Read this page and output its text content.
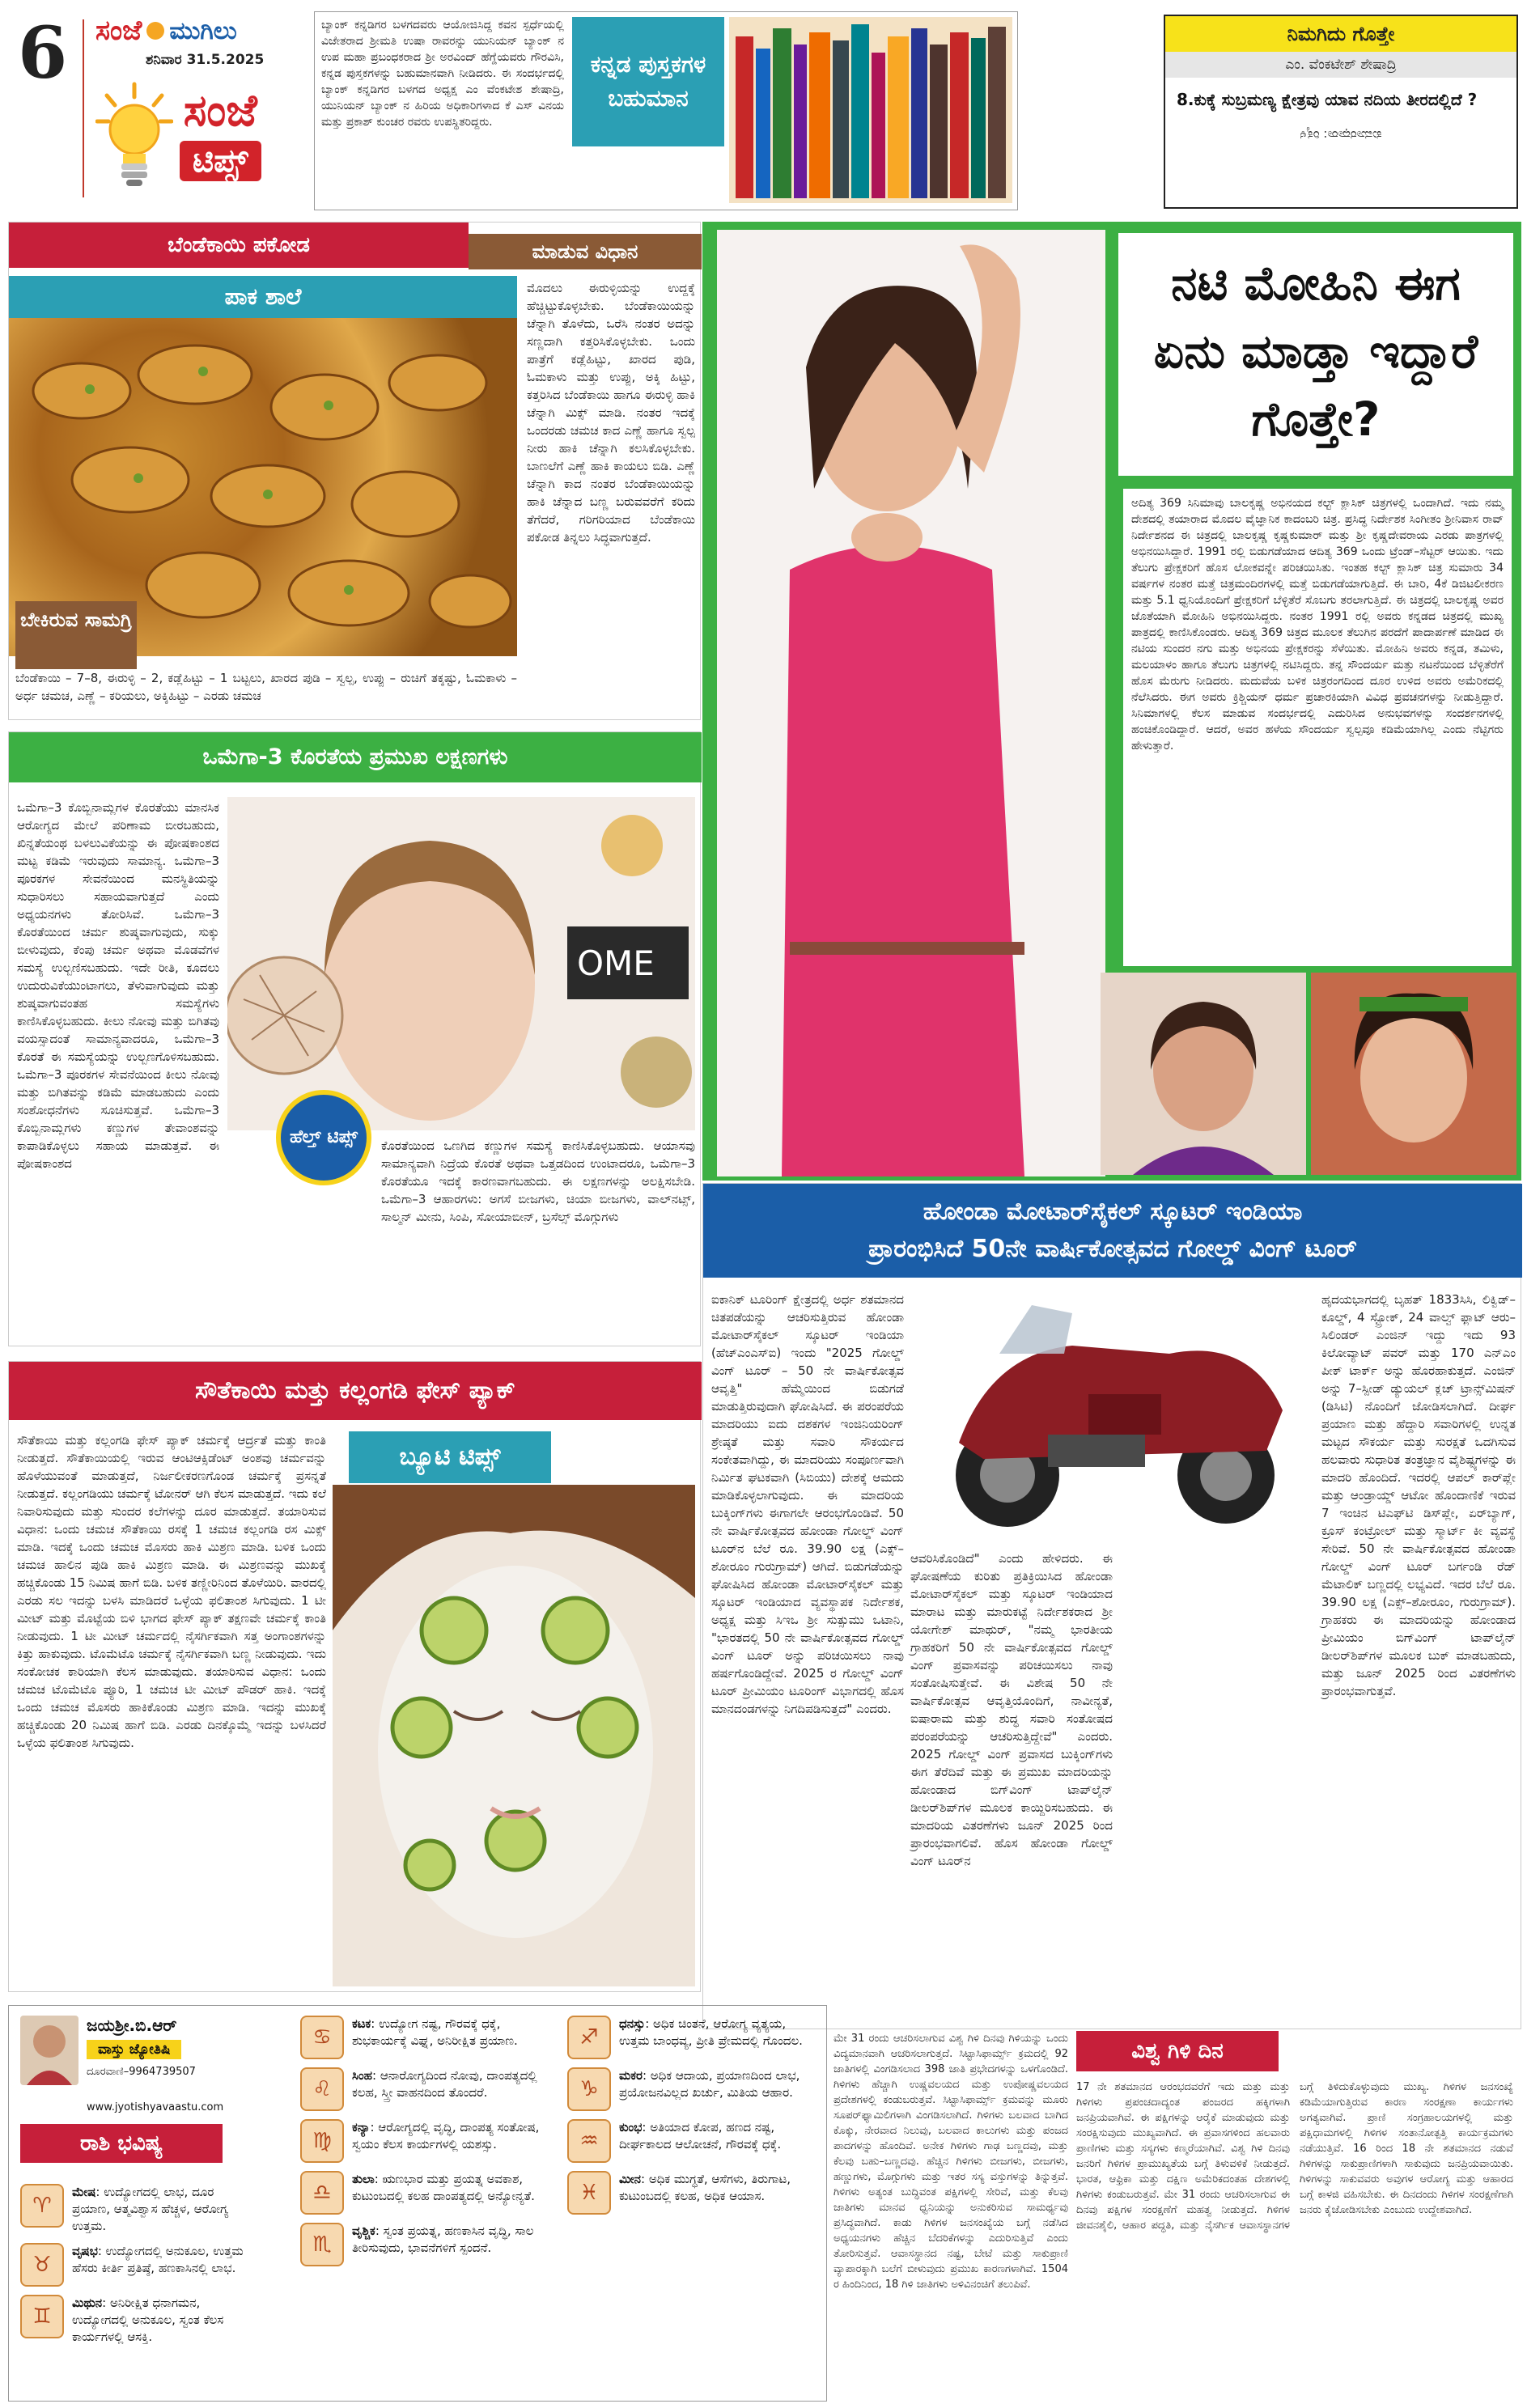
6 ಸಂಜೆ ಮುಗಿಲು
ಶನಿವಾರ 31.5.2025
ಸಂಜೆ
ಟಿಪ್ಸ್
ಬ್ಯಾಂಕ್ ಕನ್ನಡಿಗರ ಬಳಗದವರು ಆಯೋಜಿಸಿದ್ದ ಕವನ ಸ್ಪರ್ಧೆಯಲ್ಲಿ ವಿಜೇತರಾದ ಶ್ರೀಮತಿ ಉಷಾ ರಾವರನ್ನು ಯುನಿಯನ್ ಬ್ಯಾಂಕ್ ನ ಉಪ ಮಹಾ ಪ್ರಬಂಧಕರಾದ ಶ್ರೀ ಅರವಿಂದ್ ಹೆಗ್ಡೆಯವರು ಗೌರವಿಸಿ, ಕನ್ನಡ ಪುಸ್ತಕಗಳನ್ನು ಬಹುಮಾನವಾಗಿ ನೀಡಿದರು. ಈ ಸಂದರ್ಭದಲ್ಲಿ ಬ್ಯಾಂಕ್ ಕನ್ನಡಿಗರ ಬಳಗದ ಅಧ್ಯಕ್ಷ ಎಂ ವೆಂಕಟೇಶ ಶೇಷಾದ್ರಿ, ಯುನಿಯನ್ ಬ್ಯಾಂಕ್ ನ ಹಿರಿಯ ಅಧಿಕಾರಿಗಳಾದ ಕೆ ಎಸ್ ವಿನಯ ಮತ್ತು ಪ್ರಕಾಶ್ ಕುಂಚರ ರವರು ಉಪಸ್ಥಿತರಿದ್ದರು.
ಕನ್ನಡ ಪುಸ್ತಕಗಳ ಬಹುಮಾನ
ನಿಮಗಿದು ಗೊತ್ತೇ
ಎಂ. ವೆಂಕಟೇಶ್ ಶೇಷಾದ್ರಿ
8.ಕುಕ್ಕೆ ಸುಬ್ರಮಣ್ಯ ಕ್ಷೇತ್ರವು ಯಾವ ನದಿಯ ತೀರದಲ್ಲಿದೆ ?
ಕುಮಾರಧಾರಾ: ರಿಕ್ಕಳ
ಬೆಂಡೆಕಾಯಿ ಪಕೋಡ	ಮಾಡುವ ವಿಧಾನ
ಪಾಕ ಶಾಲೆ
ಬೇಕಿರುವ ಸಾಮಗ್ರಿ
ಮೊದಲು ಈರುಳ್ಳಿಯನ್ನು ಉದ್ದಕ್ಕೆ ಹೆಚ್ಚಿಟ್ಟುಕೊಳ್ಳಬೇಕು. ಬೆಂಡೆಕಾಯಿಯನ್ನು ಚೆನ್ನಾಗಿ ತೊಳೆದು, ಒರೆಸಿ ನಂತರ ಅದನ್ನು ಸಣ್ಣದಾಗಿ ಕತ್ತರಿಸಿಕೊಳ್ಳಬೇಕು. ಒಂದು ಪಾತ್ರೆಗೆ ಕಡ್ಲೆಹಿಟ್ಟು, ಖಾರದ ಪುಡಿ, ಓಮಕಾಳು ಮತ್ತು ಉಪ್ಪು, ಅಕ್ಕಿ ಹಿಟ್ಟು, ಕತ್ತರಿಸಿದ ಬೆಂಡೆಕಾಯಿ ಹಾಗೂ ಈರುಳ್ಳಿ ಹಾಕಿ ಚೆನ್ನಾಗಿ ಮಿಕ್ಸ್ ಮಾಡಿ. ನಂತರ ಇದಕ್ಕೆ ಒಂದರಡು ಚಮಚ ಕಾದ ಎಣ್ಣೆ ಹಾಗೂ ಸ್ವಲ್ಪ ನೀರು ಹಾಕಿ ಚೆನ್ನಾಗಿ ಕಲಸಿಕೊಳ್ಳಬೇಕು. ಬಾಣಲೆಗೆ ಎಣ್ಣೆ ಹಾಕಿ ಕಾಯಲು ಬಿಡಿ. ಎಣ್ಣೆ ಚೆನ್ನಾಗಿ ಕಾದ ನಂತರ ಬೆಂಡೆಕಾಯಿಯನ್ನು ಹಾಕಿ ಚೆನ್ನಾದ ಬಣ್ಣ ಬರುವವರೆಗೆ ಕರಿದು ತೆಗೆದರೆ, ಗರಿಗರಿಯಾದ ಬೆಂಡೆಕಾಯಿ ಪಕೋಡ ತಿನ್ನಲು ಸಿದ್ಧವಾಗುತ್ತದೆ.
ಬೆಂಡೆಕಾಯಿ – 7–8, ಈರುಳ್ಳಿ – 2, ಕಡ್ಲೆಹಿಟ್ಟು – 1 ಬಟ್ಟಲು, ಖಾರದ ಪುಡಿ – ಸ್ವಲ್ಪ, ಉಪ್ಪು – ರುಚಿಗೆ ತಕ್ಕಷ್ಟು, ಓಮಕಾಳು – ಅರ್ಧ ಚಮಚ, ಎಣ್ಣೆ – ಕರಿಯಲು, ಅಕ್ಕಿಹಿಟ್ಟು – ಎರಡು ಚಮಚ
ನಟಿ ಮೋಹಿನಿ ಈಗ ಏನು ಮಾಡ್ತಾ ಇದ್ದಾರೆ ಗೊತ್ತೇ?
ಅದಿತ್ಯ 369 ಸಿನಿಮಾವು ಬಾಲಕೃಷ್ಣ ಅಭಿನಯದ ಕಲ್ಟ್ ಕ್ಲಾಸಿಕ್ ಚಿತ್ರಗಳಲ್ಲಿ ಒಂದಾಗಿದೆ. ಇದು ನಮ್ಮ ದೇಶದಲ್ಲಿ ತಯಾರಾದ ಮೊದಲ ವೈಜ್ಞಾನಿಕ ಕಾದಂಬರಿ ಚಿತ್ರ. ಪ್ರಸಿದ್ಧ ನಿರ್ದೇಶಕ ಸಿಂಗೀತಂ ಶ್ರೀನಿವಾಸ ರಾವ್ ನಿರ್ದೇಶನದ ಈ ಚಿತ್ರದಲ್ಲಿ ಬಾಲಕೃಷ್ಣ ಕೃಷ್ಣಕುಮಾರ್ ಮತ್ತು ಶ್ರೀ ಕೃಷ್ಣದೇವರಾಯ ಎರಡು ಪಾತ್ರಗಳಲ್ಲಿ ಅಭಿನಯಿಸಿದ್ದಾರೆ. 1991 ರಲ್ಲಿ ಬಿಡುಗಡೆಯಾದ ಆದಿತ್ಯ 369 ಒಂದು ಟ್ರೆಂಡ್–ಸೆಟ್ಟರ್ ಆಯಿತು. ಇದು ತೆಲುಗು ಪ್ರೇಕ್ಷಕರಿಗೆ ಹೊಸ ಲೋಕವನ್ನೇ ಪರಿಚಯಿಸಿತು. ಇಂತಹ ಕಲ್ಟ್ ಕ್ಲಾಸಿಕ್ ಚಿತ್ರ ಸುಮಾರು 34 ವರ್ಷಗಳ ನಂತರ ಮತ್ತೆ ಚಿತ್ರಮಂದಿರಗಳಲ್ಲಿ ಮತ್ತೆ ಬಿಡುಗಡೆಯಾಗುತ್ತಿದೆ. ಈ ಬಾರಿ, 4ಕೆ ಡಿಜಿಟಲೀಕರಣ ಮತ್ತು 5.1 ಧ್ವನಿಯೊಂದಿಗೆ ಪ್ರೇಕ್ಷಕರಿಗೆ ಬೆಳ್ಳಿತೆರೆ ಸೊಬಗು ತರಲಾಗುತ್ತಿದೆ. ಈ ಚಿತ್ರದಲ್ಲಿ ಬಾಲಕೃಷ್ಣ ಅವರ ಜೊತೆಯಾಗಿ ಮೋಹಿನಿ ಅಭಿನಯಿಸಿದ್ದರು. ನಂತರ 1991 ರಲ್ಲಿ ಅವರು ಕನ್ನಡದ ಚಿತ್ರದಲ್ಲಿ ಮುಖ್ಯ ಪಾತ್ರದಲ್ಲಿ ಕಾಣಿಸಿಕೊಂಡರು. ಆದಿತ್ಯ 369 ಚಿತ್ರದ ಮೂಲಕ ತೆಲುಗಿನ ಪರದೆಗೆ ಪಾದಾರ್ಪಣೆ ಮಾಡಿದ ಈ ನಟಿಯ ಸುಂದರ ನಗು ಮತ್ತು ಅಭಿನಯ ಪ್ರೇಕ್ಷಕರನ್ನು ಸೆಳೆಯಿತು. ಮೋಹಿನಿ ಅವರು ಕನ್ನಡ, ತಮಿಳು, ಮಲಯಾಳಂ ಹಾಗೂ ತೆಲುಗು ಚಿತ್ರಗಳಲ್ಲಿ ನಟಿಸಿದ್ದರು. ತನ್ನ ಸೌಂದರ್ಯ ಮತ್ತು ನಟನೆಯಿಂದ ಬೆಳ್ಳಿತೆರೆಗೆ ಹೊಸ ಮೆರುಗು ನೀಡಿದರು. ಮದುವೆಯ ಬಳಿಕ ಚಿತ್ರರಂಗದಿಂದ ದೂರ ಉಳಿದ ಅವರು ಅಮೆರಿಕದಲ್ಲಿ ನೆಲೆಸಿದರು. ಈಗ ಅವರು ಕ್ರಿಶ್ಚಿಯನ್ ಧರ್ಮ ಪ್ರಚಾರಕಿಯಾಗಿ ವಿವಿಧ ಪ್ರವಚನಗಳನ್ನು ನೀಡುತ್ತಿದ್ದಾರೆ. ಸಿನಿಮಾಗಳಲ್ಲಿ ಕೆಲಸ ಮಾಡುವ ಸಂದರ್ಭದಲ್ಲಿ ಎದುರಿಸಿದ ಅನುಭವಗಳನ್ನು ಸಂದರ್ಶನಗಳಲ್ಲಿ ಹಂಚಿಕೊಂಡಿದ್ದಾರೆ. ಆದರೆ, ಅವರ ಹಳೆಯ ಸೌಂದರ್ಯ ಸ್ವಲ್ಪವೂ ಕಡಿಮೆಯಾಗಿಲ್ಲ ಎಂದು ನೆಟ್ಟಿಗರು ಹೇಳುತ್ತಾರೆ.
ಒಮೆಗಾ-3 ಕೊರತೆಯ ಪ್ರಮುಖ ಲಕ್ಷಣಗಳು
ಒಮೆಗಾ–3 ಕೊಬ್ಬಿನಾಮ್ಲಗಳ ಕೊರತೆಯು ಮಾನಸಿಕ ಆರೋಗ್ಯದ ಮೇಲೆ ಪರಿಣಾಮ ಬೀರಬಹುದು, ಖಿನ್ನತೆಯಂಥ ಬಳಲುವಿಕೆಯನ್ನು ಈ ಪೋಷಕಾಂಶದ ಮಟ್ಟ ಕಡಿಮೆ ಇರುವುದು ಸಾಮಾನ್ಯ. ಒಮೆಗಾ–3 ಪೂರಕಗಳ ಸೇವನೆಯಿಂದ ಮನಸ್ಥಿತಿಯನ್ನು ಸುಧಾರಿಸಲು ಸಹಾಯವಾಗುತ್ತದೆ ಎಂದು ಅಧ್ಯಯನಗಳು ತೋರಿಸಿವೆ. ಒಮೆಗಾ–3 ಕೊರತೆಯಿಂದ ಚರ್ಮ ಶುಷ್ಕವಾಗುವುದು, ಸುಕ್ಕು ಬೀಳುವುದು, ಕೆಂಪು ಚರ್ಮ ಅಥವಾ ಮೊಡವೆಗಳ ಸಮಸ್ಯೆ ಉಲ್ಬಣಿಸಬಹುದು. ಇದೇ ರೀತಿ, ಕೂದಲು ಉದುರುವಿಕೆಯುಂಟಾಗಲು, ತೆಳುವಾಗುವುದು ಮತ್ತು ಶುಷ್ಕವಾಗುವಂತಹ ಸಮಸ್ಯೆಗಳು ಕಾಣಿಸಿಕೊಳ್ಳಬಹುದು. ಕೀಲು ನೋವು ಮತ್ತು ಬಿಗಿತವು ವಯಸ್ಸಾದಂತೆ ಸಾಮಾನ್ಯವಾದರೂ, ಒಮೆಗಾ–3 ಕೊರತೆ ಈ ಸಮಸ್ಯೆಯನ್ನು ಉಲ್ಬಣಗೊಳಿಸಬಹುದು. ಒಮೆಗಾ–3 ಪೂರಕಗಳ ಸೇವನೆಯಿಂದ ಕೀಲು ನೋವು ಮತ್ತು ಬಿಗಿತವನ್ನು ಕಡಿಮೆ ಮಾಡಬಹುದು ಎಂದು ಸಂಶೋಧನೆಗಳು ಸೂಚಿಸುತ್ತವೆ. ಒಮೆಗಾ–3 ಕೊಬ್ಬಿನಾಮ್ಲಗಳು ಕಣ್ಣುಗಳ ತೇವಾಂಶವನ್ನು ಕಾಪಾಡಿಕೊಳ್ಳಲು ಸಹಾಯ ಮಾಡುತ್ತವೆ. ಈ ಪೋಷಕಾಂಶದ
OME
ಹೆಲ್ತ್ ಟಿಪ್ಸ್ ಕೊರತೆಯಿಂದ ಒಣಗಿದ ಕಣ್ಣುಗಳ ಸಮಸ್ಯೆ ಕಾಣಿಸಿಕೊಳ್ಳಬಹುದು. ಆಯಾಸವು ಸಾಮಾನ್ಯವಾಗಿ ನಿದ್ರೆಯ ಕೊರತೆ ಅಥವಾ ಒತ್ತಡದಿಂದ ಉಂಟಾದರೂ, ಒಮೆಗಾ–3 ಕೊರತೆಯೂ ಇದಕ್ಕೆ ಕಾರಣವಾಗಬಹುದು. ಈ ಲಕ್ಷಣಗಳನ್ನು ಅಲಕ್ಷಿಸಬೇಡಿ. ಒಮೆಗಾ–3 ಆಹಾರಗಳು: ಅಗಸೆ ಬೀಜಗಳು, ಚಿಯಾ ಬೀಜಗಳು, ವಾಲ್‌ನಟ್ಸ್, ಸಾಲ್ಮನ್ ಮೀನು, ಸಿಂಪಿ, ಸೋಯಾಬೀನ್, ಬ್ರಸೆಲ್ಸ್ ಮೊಗ್ಗುಗಳು	ಹೋಂಡಾ ಮೋಟಾರ್‌ಸೈಕಲ್ ಸ್ಕೂಟರ್ ಇಂಡಿಯಾ
ಪ್ರಾರಂಭಿಸಿದೆ 50ನೇ ವಾರ್ಷಿಕೋತ್ಸವದ ಗೋಲ್ಡ್ ವಿಂಗ್ ಟೂರ್
ಐಕಾನಿಕ್ ಟೂರಿಂಗ್ ಕ್ಷೇತ್ರದಲ್ಲಿ ಅರ್ಧ ಶತಮಾನದ ಚಿತಪಡೆಯನ್ನು ಆಚರಿಸುತ್ತಿರುವ ಹೋಂಡಾ ಮೋಟಾರ್‌ಸೈಕಲ್ ಸ್ಕೂಟರ್ ಇಂಡಿಯಾ (ಹೆಚ್‌ಎಂಎಸ್‌ಐ) ಇಂದು "2025 ಗೋಲ್ಡ್ ವಿಂಗ್ ಟೂರ್ – 50 ನೇ ವಾರ್ಷಿಕೋತ್ಸವ ಆವೃತ್ತಿ" ಹೆಮ್ಮೆಯಿಂದ ಬಿಡುಗಡೆ ಮಾಡುತ್ತಿರುವುದಾಗಿ ಘೋಷಿಸಿದೆ. ಈ ಪರಂಪರೆಯ ಮಾದರಿಯು ಐದು ದಶಕಗಳ ಇಂಜಿನಿಯರಿಂಗ್ ಶ್ರೇಷ್ಠತೆ ಮತ್ತು ಸವಾರಿ ಸೌಕರ್ಯದ ಸಂಕೇತವಾಗಿದ್ದು, ಈ ಮಾದರಿಯು ಸಂಪೂರ್ಣವಾಗಿ ನಿರ್ಮಿತ ಘಟಕವಾಗಿ (ಸಿಬಿಯು) ದೇಶಕ್ಕೆ ಆಮದು ಮಾಡಿಕೊಳ್ಳಲಾಗುವುದು. ಈ ಮಾದರಿಯ ಬುಕ್ಕಿಂಗ್‌ಗಳು ಈಗಾಗಲೇ ಆರಂಭಗೊಂಡಿವೆ. 50 ನೇ ವಾರ್ಷಿಕೋತ್ಸವದ ಹೋಂಡಾ ಗೋಲ್ಡ್ ವಿಂಗ್ ಟೂರ್‌ನ ಬೆಲೆ ರೂ. 39.90 ಲಕ್ಷ (ಎಕ್ಸ್–ಶೋರೂಂ ಗುರುಗ್ರಾಮ್) ಆಗಿದೆ. ಬಿಡುಗಡೆಯನ್ನು ಘೋಷಿಸಿದ ಹೋಂಡಾ ಮೋಟಾರ್‌ಸೈಕಲ್ ಮತ್ತು ಸ್ಕೂಟರ್ ಇಂಡಿಯಾದ ವ್ಯವಸ್ಥಾಪಕ ನಿರ್ದೇಶಕ, ಅಧ್ಯಕ್ಷ ಮತ್ತು ಸಿಇಒ ಶ್ರೀ ಸುತ್ಸುಮು ಒಟಾನಿ, "ಭಾರತದಲ್ಲಿ 50 ನೇ ವಾರ್ಷಿಕೋತ್ಸವದ ಗೋಲ್ಡ್ ವಿಂಗ್ ಟೂರ್ ಅನ್ನು ಪರಿಚಯಿಸಲು ನಾವು ಹರ್ಷಗೊಂಡಿದ್ದೇವೆ. 2025 ರ ಗೋಲ್ಡ್ ವಿಂಗ್ ಟೂರ್ ಪ್ರೀಮಿಯಂ ಟೂರಿಂಗ್ ವಿಭಾಗದಲ್ಲಿ ಹೊಸ ಮಾನದಂಡಗಳನ್ನು ನಿಗದಿಪಡಿಸುತ್ತದೆ" ಎಂದರು.
ಆವರಿಸಿಕೊಂಡಿದೆ" ಎಂದು ಹೇಳಿದರು. ಈ ಘೋಷಣೆಯ ಕುರಿತು ಪ್ರತಿಕ್ರಿಯಿಸಿದ ಹೋಂಡಾ ಮೋಟಾರ್‌ಸೈಕಲ್ ಮತ್ತು ಸ್ಕೂಟರ್ ಇಂಡಿಯಾದ ಮಾರಾಟ ಮತ್ತು ಮಾರುಕಟ್ಟೆ ನಿರ್ದೇಶಕರಾದ ಶ್ರೀ ಯೋಗೇಶ್ ಮಾಥುರ್, "ನಮ್ಮ ಭಾರತೀಯ ಗ್ರಾಹಕರಿಗೆ 50 ನೇ ವಾರ್ಷಿಕೋತ್ಸವದ ಗೋಲ್ಡ್ ವಿಂಗ್ ಪ್ರವಾಸವನ್ನು ಪರಿಚಯಿಸಲು ನಾವು ಸಂತೋಷಿಸುತ್ತೇವೆ. ಈ ವಿಶೇಷ 50 ನೇ ವಾರ್ಷಿಕೋತ್ಸವ ಆವೃತ್ತಿಯೊಂದಿಗೆ, ನಾವೀನ್ಯತೆ, ಐಷಾರಾಮ ಮತ್ತು ಶುದ್ಧ ಸವಾರಿ ಸಂತೋಷದ ಪರಂಪರೆಯನ್ನು ಆಚರಿಸುತ್ತಿದ್ದೇವೆ" ಎಂದರು. 2025 ಗೋಲ್ಡ್ ವಿಂಗ್ ಪ್ರವಾಸದ ಬುಕ್ಕಿಂಗ್‌ಗಳು ಈಗ ತೆರೆದಿವೆ ಮತ್ತು ಈ ಪ್ರಮುಖ ಮಾದರಿಯನ್ನು ಹೋಂಡಾದ ಬಿಗ್‌ವಿಂಗ್ ಟಾಪ್‌ಲೈನ್ ಡೀಲರ್‌ಶಿಪ್‌ಗಳ ಮೂಲಕ ಕಾಯ್ದಿರಿಸಬಹುದು. ಈ ಮಾದರಿಯ ವಿತರಣೆಗಳು ಜೂನ್ 2025 ರಿಂದ ಪ್ರಾರಂಭವಾಗಲಿವೆ. ಹೊಸ ಹೋಂಡಾ ಗೋಲ್ಡ್ ವಿಂಗ್ ಟೂರ್‌ನ
ಹೃದಯಭಾಗದಲ್ಲಿ ಬೃಹತ್ 1833ಸಿಸಿ, ಲಿಕ್ವಿಡ್–ಕೂಲ್ಡ್, 4 ಸ್ಟ್ರೋಕ್, 24 ವಾಲ್ವ್ ಫ್ಲಾಟ್ ಆರು–ಸಿಲಿಂಡರ್ ಎಂಜಿನ್ ಇದ್ದು ಇದು 93 ಕಿಲೋವ್ಯಾಟ್ ಪವರ್ ಮತ್ತು 170 ಎನ್ಎಂ ಪೀಕ್ ಟಾರ್ಕ್ ಅನ್ನು ಹೊರಹಾಕುತ್ತದೆ. ಎಂಜಿನ್ ಅನ್ನು 7–ಸ್ಪೀಡ್ ಡ್ಯುಯಲ್ ಕ್ಲಚ್ ಟ್ರಾನ್ಸ್‌ಮಿಷನ್ (ಡಿಸಿಟಿ) ನೊಂದಿಗೆ ಜೋಡಿಸಲಾಗಿದೆ. ದೀರ್ಘ ಪ್ರಯಾಣ ಮತ್ತು ಹೆದ್ದಾರಿ ಸವಾರಿಗಳಲ್ಲಿ ಉನ್ನತ ಮಟ್ಟದ ಸೌಕರ್ಯ ಮತ್ತು ಸುರಕ್ಷತೆ ಒದಗಿಸುವ ಹಲವಾರು ಸುಧಾರಿತ ತಂತ್ರಜ್ಞಾನ ವೈಶಿಷ್ಟ್ಯಗಳನ್ನು ಈ ಮಾದರಿ ಹೊಂದಿದೆ. ಇದರಲ್ಲಿ ಆಪಲ್ ಕಾರ್‌ಪ್ಲೇ ಮತ್ತು ಆಂಡ್ರಾಯ್ಡ್ ಆಟೋ ಹೊಂದಾಣಿಕೆ ಇರುವ 7 ಇಂಚಿನ ಟಿಎಫ್‌ಟಿ ಡಿಸ್‌ಪ್ಲೇ, ಏರ್‌ಬ್ಯಾಗ್, ಕ್ರೂಸ್ ಕಂಟ್ರೋಲ್ ಮತ್ತು ಸ್ಮಾರ್ಟ್ ಕೀ ವ್ಯವಸ್ಥೆ ಸೇರಿವೆ. 50 ನೇ ವಾರ್ಷಿಕೋತ್ಸವದ ಹೋಂಡಾ ಗೋಲ್ಡ್ ವಿಂಗ್ ಟೂರ್ ಬರ್ಗಂಡಿ ರೆಡ್ ಮೆಟಾಲಿಕ್ ಬಣ್ಣದಲ್ಲಿ ಲಭ್ಯವಿದೆ. ಇದರ ಬೆಲೆ ರೂ. 39.90 ಲಕ್ಷ (ಎಕ್ಸ್–ಶೋರೂಂ, ಗುರುಗ್ರಾಮ್). ಗ್ರಾಹಕರು ಈ ಮಾದರಿಯನ್ನು ಹೋಂಡಾದ ಪ್ರೀಮಿಯಂ ಬಿಗ್‌ವಿಂಗ್ ಟಾಪ್‌ಲೈನ್ ಡೀಲರ್‌ಶಿಪ್‌ಗಳ ಮೂಲಕ ಬುಕ್ ಮಾಡಬಹುದು, ಮತ್ತು ಜೂನ್ 2025 ರಿಂದ ವಿತರಣೆಗಳು ಪ್ರಾರಂಭವಾಗುತ್ತವೆ.
ಸೌತೆಕಾಯಿ ಮತ್ತು ಕಲ್ಲಂಗಡಿ ಫೇಸ್ ಪ್ಯಾಕ್
ಸೌತೆಕಾಯಿ ಮತ್ತು ಕಲ್ಲಂಗಡಿ ಫೇಸ್ ಪ್ಯಾಕ್ ಚರ್ಮಕ್ಕೆ ಆರ್ದ್ರತೆ ಮತ್ತು ಕಾಂತಿ ನೀಡುತ್ತದೆ. ಸೌತೆಕಾಯಿಯಲ್ಲಿ ಇರುವ ಆಂಟಿಆಕ್ಸಿಡೆಂಟ್ ಅಂಶವು ಚರ್ಮವನ್ನು ಹೊಳೆಯುವಂತೆ ಮಾಡುತ್ತದೆ, ನಿರ್ಜಲೀಕರಣಗೊಂಡ ಚರ್ಮಕ್ಕೆ ಪ್ರಸನ್ನತೆ ನೀಡುತ್ತದೆ. ಕಲ್ಲಂಗಡಿಯು ಚರ್ಮಕ್ಕೆ ಟೋನರ್ ಆಗಿ ಕೆಲಸ ಮಾಡುತ್ತದೆ. ಇದು ಕಲೆ ನಿವಾರಿಸುವುದು ಮತ್ತು ಸುಂದರ ಕಲೆಗಳನ್ನು ದೂರ ಮಾಡುತ್ತದೆ. ತಯಾರಿಸುವ ವಿಧಾನ: ಒಂದು ಚಮಚ ಸೌತೆಕಾಯಿ ರಸಕ್ಕೆ 1 ಚಮಚ ಕಲ್ಲಂಗಡಿ ರಸ ಮಿಕ್ಸ್ ಮಾಡಿ. ಇದಕ್ಕೆ ಒಂದು ಚಮಚ ಮೊಸರು ಹಾಕಿ ಮಿಶ್ರಣ ಮಾಡಿ. ಬಳಿಕ ಒಂದು ಚಮಚ ಹಾಲಿನ ಪುಡಿ ಹಾಕಿ ಮಿಶ್ರಣ ಮಾಡಿ. ಈ ಮಿಶ್ರಣವನ್ನು ಮುಖಕ್ಕೆ ಹಚ್ಚಿಕೊಂಡು 15 ನಿಮಿಷ ಹಾಗೆ ಬಿಡಿ. ಬಳಿಕ ತಣ್ಣೀರಿನಿಂದ ತೊಳೆಯಿರಿ. ವಾರದಲ್ಲಿ ಎರಡು ಸಲ ಇದನ್ನು ಬಳಸಿ ಮಾಡಿದರೆ ಒಳ್ಳೆಯ ಫಲಿತಾಂಶ ಸಿಗುವುದು. 1 ಟೀ ಮೀಟ್ ಮತ್ತು ಮೊಟ್ಟೆಯ ಬಿಳಿ ಭಾಗದ ಫೇಸ್ ಪ್ಯಾಕ್ ತಕ್ಷಣವೇ ಚರ್ಮಕ್ಕೆ ಕಾಂತಿ ನೀಡುವುದು. 1 ಟೀ ಮೀಟ್ ಚರ್ಮದಲ್ಲಿ ನೈಸರ್ಗಿಕವಾಗಿ ಸತ್ತ ಅಂಗಾಂಶಗಳನ್ನು ಕಿತ್ತು ಹಾಕುವುದು. ಟೊಮೆಟೊ ಚರ್ಮಕ್ಕೆ ನೈಸರ್ಗಿಕವಾಗಿ ಬಣ್ಣ ನೀಡುವುದು. ಇದು ಸಂಕೋಚಕ ಕಾರಿಯಾಗಿ ಕೆಲಸ ಮಾಡುವುದು. ತಯಾರಿಸುವ ವಿಧಾನ: ಒಂದು ಚಮಚ ಟೊಮೆಟೊ ಪ್ಯೂರಿ, 1 ಚಮಚ ಟೀ ಮೀಟ್ ಪೌಡರ್ ಹಾಕಿ. ಇದಕ್ಕೆ ಒಂದು ಚಮಚ ಮೊಸರು ಹಾಕಿಕೊಂಡು ಮಿಶ್ರಣ ಮಾಡಿ. ಇದನ್ನು ಮುಖಕ್ಕೆ ಹಚ್ಚಿಕೊಂಡು 20 ನಿಮಿಷ ಹಾಗೆ ಬಿಡಿ. ಎರಡು ದಿನಕ್ಕೊಮ್ಮೆ ಇದನ್ನು ಬಳಸಿದರೆ ಒಳ್ಳೆಯ ಫಲಿತಾಂಶ ಸಿಗುವುದು.
ಬ್ಯೂಟಿ ಟಿಪ್ಸ್
ಜಯಶ್ರೀ.ಬಿ.ಆರ್
ವಾಸ್ತು ಜ್ಯೋತಿಷಿ
ದೂರವಾಣಿ–9964739507
www.jyotishyavaastu.com
ರಾಶಿ ಭವಿಷ್ಯ
♈
ಮೇಷ: ಉದ್ಯೋಗದಲ್ಲಿ ಲಾಭ, ದೂರ ಪ್ರಯಾಣ, ಆತ್ಮವಿಶ್ವಾಸ ಹೆಚ್ಚಳ, ಆರೋಗ್ಯ ಉತ್ತಮ.
♉
ವೃಷಭ: ಉದ್ಯೋಗದಲ್ಲಿ ಅನುಕೂಲ, ಉತ್ತಮ ಹೆಸರು ಕೀರ್ತಿ ಪ್ರತಿಷ್ಠೆ, ಹಣಕಾಸಿನಲ್ಲಿ ಲಾಭ.
♊
ಮಿಥುನ: ಅನಿರೀಕ್ಷಿತ ಧನಾಗಮನ, ಉದ್ಯೋಗದಲ್ಲಿ ಅನುಕೂಲ, ಸ್ವಂತ ಕೆಲಸ ಕಾರ್ಯಗಳಲ್ಲಿ ಆಸಕ್ತಿ.
♋
ಕಟಕ: ಉದ್ಯೋಗ ನಷ್ಟ, ಗೌರವಕ್ಕೆ ಧಕ್ಕೆ, ಶುಭಕಾರ್ಯಕ್ಕೆ ವಿಘ್ನ, ಅನಿರೀಕ್ಷಿತ ಪ್ರಯಾಣ.
♌
ಸಿಂಹ: ಆನಾರೋಗ್ಯದಿಂದ ನೋವು, ದಾಂಪತ್ಯದಲ್ಲಿ ಕಲಹ, ಸ್ತ್ರೀ ವಾಹನದಿಂದ ತೊಂದರೆ.
♍
ಕನ್ಯಾ: ಆರೋಗ್ಯದಲ್ಲಿ ವೃದ್ಧಿ, ದಾಂಪತ್ಯ ಸಂತೋಷ, ಸ್ವಯಂ ಕೆಲಸ ಕಾರ್ಯಗಳಲ್ಲಿ ಯಶಸ್ಸು.
♎
ತುಲಾ: ಋಣಭಾರ ಮತ್ತು ಪ್ರಯತ್ನ ಅವಕಾಶ, ಕುಟುಂಬದಲ್ಲಿ ಕಲಹ ದಾಂಪತ್ಯದಲ್ಲಿ ಅನ್ಯೋನ್ಯತೆ.
♏
ವೃಶ್ಚಿಕ: ಸ್ವಂತ ಪ್ರಯತ್ನ, ಹಣಕಾಸಿನ ವೃದ್ಧಿ, ಸಾಲ ತೀರಿಸುವುದು, ಭಾವನೆಗಳಿಗೆ ಸ್ಪಂದನೆ.
♐
ಧನಸ್ಸು: ಅಧಿಕ ಚಿಂತನೆ, ಆರೋಗ್ಯ ವ್ಯತ್ಯಯ, ಉತ್ತಮ ಬಾಂಧವ್ಯ, ಪ್ರೀತಿ ಪ್ರೇಮದಲ್ಲಿ ಗೊಂದಲ.
♑
ಮಕರ: ಅಧಿಕ ಆದಾಯ, ಪ್ರಯಾಣದಿಂದ ಲಾಭ, ಪ್ರಯೋಜನವಿಲ್ಲದ ಖರ್ಚು, ಮಿತಿಯ ಆಹಾರ.
♒
ಕುಂಭ: ಅತಿಯಾದ ಕೋಪ, ಹಣದ ನಷ್ಟ, ದೀರ್ಘಕಾಲದ ಆಲೋಚನೆ, ಗೌರವಕ್ಕೆ ಧಕ್ಕೆ.
♓
ಮೀನ: ಅಧಿಕ ಮುಗ್ಧತೆ, ಆಸೆಗಳು, ತಿರುಗಾಟ, ಕುಟುಂಬದಲ್ಲಿ ಕಲಹ, ಅಧಿಕ ಆಯಾಸ.
ವಿಶ್ವ ಗಿಳಿ ದಿನ
ಮೇ 31 ರಂದು ಆಚರಿಸಲಾಗುವ ವಿಶ್ವ ಗಿಳಿ ದಿನವು ಗಿಳಿಯನ್ನು ಒಂದು ವಿದ್ಯಮಾನವಾಗಿ ಆಚರಿಸಲಾಗುತ್ತದೆ. ಸಿಟ್ಟಾಸಿಫಾರ್ಮ್ಸ್ ಕ್ರಮದಲ್ಲಿ 92 ಜಾತಿಗಳಲ್ಲಿ ವಿಂಗಡಿಸಲಾದ 398 ಜಾತಿ ಪ್ರಭೇದಗಳನ್ನು ಒಳಗೊಂಡಿದೆ. ಗಿಳಿಗಳು ಹೆಚ್ಚಾಗಿ ಉಷ್ಣವಲಯದ ಮತ್ತು ಉಪೋಷ್ಣವಲಯದ ಪ್ರದೇಶಗಳಲ್ಲಿ ಕಂಡುಬರುತ್ತವೆ. ಸಿಟ್ಟಾಸಿಫಾರ್ಮ್ಸ್ ಕ್ರಮವನ್ನು ಮೂರು ಸೂಪರ್‌ಫ್ಯಾಮಿಲಿಗಳಾಗಿ ವಿಂಗಡಿಸಲಾಗಿದೆ. ಗಿಳಿಗಳು ಬಲವಾದ ಬಾಗಿದ ಕೊಕ್ಕು, ನೇರವಾದ ನಿಲುವು, ಬಲವಾದ ಕಾಲುಗಳು ಮತ್ತು ಪಂಜದ ಪಾದಗಳನ್ನು ಹೊಂದಿವೆ. ಅನೇಕ ಗಿಳಿಗಳು ಗಾಢ ಬಣ್ಣದವು, ಮತ್ತು ಕೆಲವು ಬಹು–ಬಣ್ಣದವು. ಹೆಚ್ಚಿನ ಗಿಳಿಗಳು ಬೀಜಗಳು, ಬೀಜಗಳು, ಹಣ್ಣುಗಳು, ಮೊಗ್ಗುಗಳು ಮತ್ತು ಇತರ ಸಸ್ಯ ವಸ್ತುಗಳನ್ನು ತಿನ್ನುತ್ತವೆ. ಗಿಳಿಗಳು ಅತ್ಯಂತ ಬುದ್ಧಿವಂತ ಪಕ್ಷಿಗಳಲ್ಲಿ ಸೇರಿವೆ, ಮತ್ತು ಕೆಲವು ಜಾತಿಗಳು ಮಾನವ ಧ್ವನಿಯನ್ನು ಅನುಕರಿಸುವ ಸಾಮರ್ಥ್ಯವು ಪ್ರಸಿದ್ಧವಾಗಿದೆ. ಕಾಡು ಗಿಳಿಗಳ ಜನಸಂಖ್ಯೆಯ ಬಗ್ಗೆ ನಡೆಸಿದ ಅಧ್ಯಯನಗಳು ಹೆಚ್ಚಿನ ಬೆದರಿಕೆಗಳನ್ನು ಎದುರಿಸುತ್ತಿವೆ ಎಂದು ತೋರಿಸುತ್ತವೆ. ಆವಾಸಸ್ಥಾನದ ನಷ್ಟ, ಬೇಟೆ ಮತ್ತು ಸಾಕುಪ್ರಾಣಿ ವ್ಯಾಪಾರಕ್ಕಾಗಿ ಬಲೆಗೆ ಬೀಳುವುದು ಪ್ರಮುಖ ಕಾರಣಗಳಾಗಿವೆ. 1504 ರ ಹಿಂದಿನಿಂದ, 18 ಗಿಳಿ ಜಾತಿಗಳು ಅಳಿವಿನಂಚಿಗೆ ತಲುಪಿವೆ.
17 ನೇ ಶತಮಾನದ ಆರಂಭದವರೆಗೆ ಇದು ಮತ್ತು ಮತ್ತು ಗಿಳಿಗಳು ಪ್ರಪಂಚದಾದ್ಯಂತ ಪಂಜರದ ಹಕ್ಕಿಗಳಾಗಿ ಜನಪ್ರಿಯವಾಗಿವೆ. ಈ ಪಕ್ಷಿಗಳನ್ನು ಆರೈಕೆ ಮಾಡುವುದು ಮತ್ತು ಸಂರಕ್ಷಿಸುವುದು ಮುಖ್ಯವಾಗಿದೆ. ಈ ಪ್ರವಾಸಗಳಿಂದ ಹಲವಾರು ಪ್ರಾಣಿಗಳು ಮತ್ತು ಸಸ್ಯಗಳು ಕಣ್ಮರೆಯಾಗಿವೆ. ವಿಶ್ವ ಗಿಳಿ ದಿನವು ಜನರಿಗೆ ಗಿಳಿಗಳ ಪ್ರಾಮುಖ್ಯತೆಯ ಬಗ್ಗೆ ತಿಳುವಳಿಕೆ ನೀಡುತ್ತದೆ. ಭಾರತ, ಆಫ್ರಿಕಾ ಮತ್ತು ದಕ್ಷಿಣ ಅಮೆರಿಕದಂತಹ ದೇಶಗಳಲ್ಲಿ ಗಿಳಿಗಳು ಕಂಡುಬರುತ್ತವೆ. ಮೇ 31 ರಂದು ಆಚರಿಸಲಾಗುವ ಈ ದಿನವು ಪಕ್ಷಿಗಳ ಸಂರಕ್ಷಣೆಗೆ ಮಹತ್ವ ನೀಡುತ್ತದೆ. ಗಿಳಿಗಳ ಜೀವನಶೈಲಿ, ಆಹಾರ ಪದ್ಧತಿ, ಮತ್ತು ನೈಸರ್ಗಿಕ ಆವಾಸಸ್ಥಾನಗಳ ಬಗ್ಗೆ ತಿಳಿದುಕೊಳ್ಳುವುದು ಮುಖ್ಯ. ಗಿಳಿಗಳ ಜನಸಂಖ್ಯೆ ಕಡಿಮೆಯಾಗುತ್ತಿರುವ ಕಾರಣ ಸಂರಕ್ಷಣಾ ಕಾರ್ಯಗಳು ಅಗತ್ಯವಾಗಿವೆ. ಪ್ರಾಣಿ ಸಂಗ್ರಹಾಲಯಗಳಲ್ಲಿ ಮತ್ತು ಪಕ್ಷಿಧಾಮಗಳಲ್ಲಿ ಗಿಳಿಗಳ ಸಂತಾನೋತ್ಪತ್ತಿ ಕಾರ್ಯಕ್ರಮಗಳು ನಡೆಯುತ್ತಿವೆ. 16 ರಿಂದ 18 ನೇ ಶತಮಾನದ ನಡುವೆ ಗಿಳಿಗಳನ್ನು ಸಾಕುಪ್ರಾಣಿಗಳಾಗಿ ಸಾಕುವುದು ಜನಪ್ರಿಯವಾಯಿತು. ಗಿಳಿಗಳನ್ನು ಸಾಕುವವರು ಅವುಗಳ ಆರೋಗ್ಯ ಮತ್ತು ಆಹಾರದ ಬಗ್ಗೆ ಕಾಳಜಿ ವಹಿಸಬೇಕು. ಈ ದಿನದಂದು ಗಿಳಿಗಳ ಸಂರಕ್ಷಣೆಗಾಗಿ ಜನರು ಕೈಜೋಡಿಸಬೇಕು ಎಂಬುದು ಉದ್ದೇಶವಾಗಿದೆ.
